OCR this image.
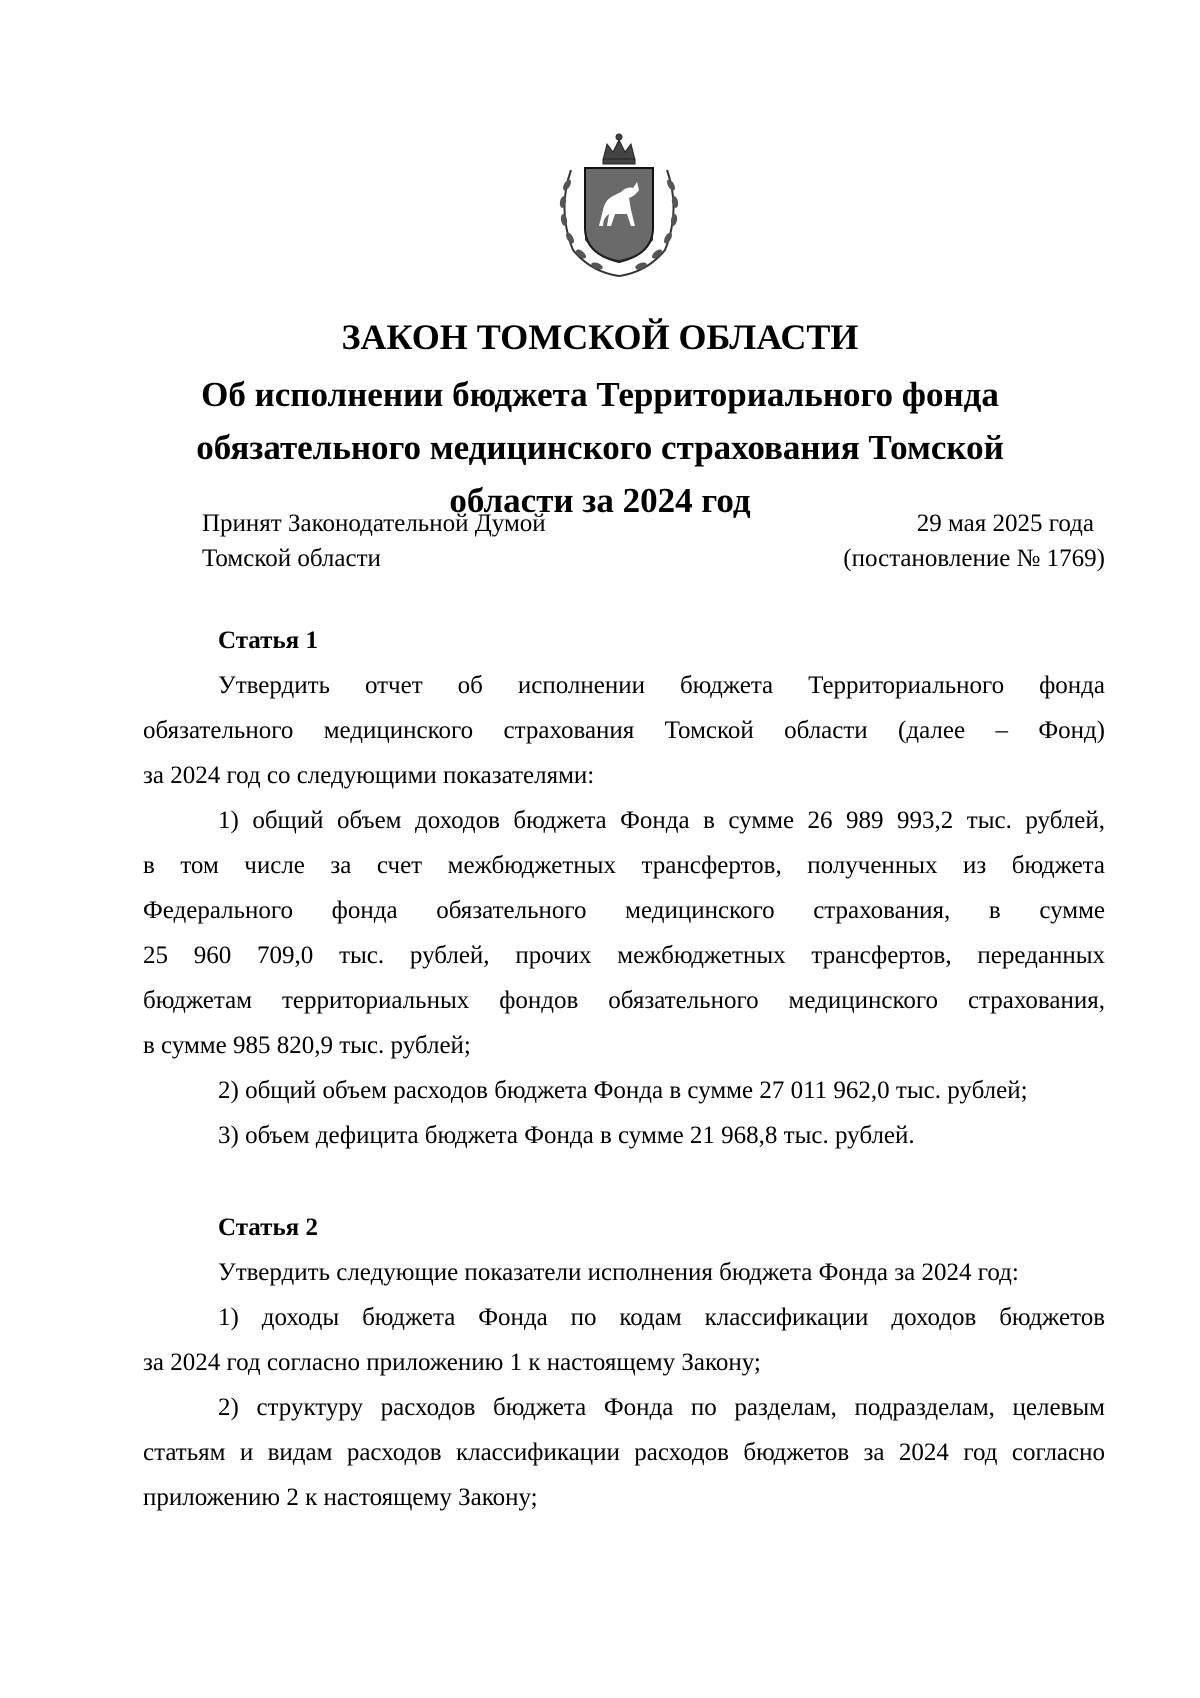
ЗАКОН ТОМСКОЙ ОБЛАСТИ
Об исполнении бюджета Территориального фонда обязательного медицинского страхования Томской области за 2024 год
Принят Законодательной Думой
Томской области
29 мая 2025 года
(постановление № 1769)
Статья 1
Утвердить отчет об исполнении бюджета Территориального фонда
обязательного медицинского страхования Томской области (далее – Фонд)
за 2024 год со следующими показателями:
1) общий объем доходов бюджета Фонда в сумме 26 989 993,2 тыс. рублей,
в том числе за счет межбюджетных трансфертов, полученных из бюджета
Федерального фонда обязательного медицинского страхования, в сумме
25 960 709,0 тыс. рублей, прочих межбюджетных трансфертов, переданных
бюджетам территориальных фондов обязательного медицинского страхования,
в сумме 985 820,9 тыс. рублей;
2) общий объем расходов бюджета Фонда в сумме 27 011 962,0 тыс. рублей;
3) объем дефицита бюджета Фонда в сумме 21 968,8 тыс. рублей.
Статья 2
Утвердить следующие показатели исполнения бюджета Фонда за 2024 год:
1) доходы бюджета Фонда по кодам классификации доходов бюджетов
за 2024 год согласно приложению 1 к настоящему Закону;
2) структуру расходов бюджета Фонда по разделам, подразделам, целевым
статьям и видам расходов классификации расходов бюджетов за 2024 год согласно
приложению 2 к настоящему Закону;
